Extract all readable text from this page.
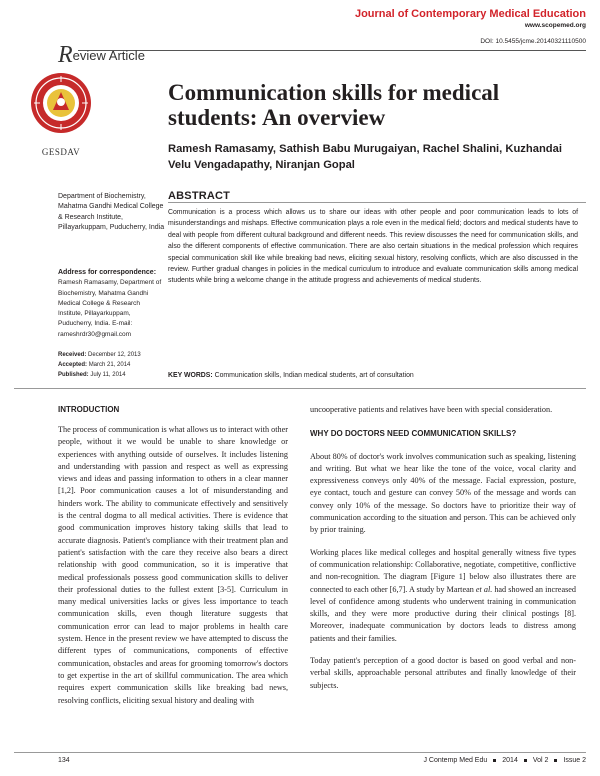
Journal of Contemporary Medical Education
www.scopemed.org
DOI: 10.5455/jcme.20140321110500
Review Article
GESDAV
Communication skills for medical students: An overview
Ramesh Ramasamy, Sathish Babu Murugaiyan, Rachel Shalini, Kuzhandai Velu Vengadapathy, Niranjan Gopal
Department of Biochemistry, Mahatma Gandhi Medical College & Research Institute, Pillayarkuppam, Puducherry, India
Address for correspondence:
Ramesh Ramasamy, Department of Biochemistry, Mahatma Gandhi Medical College & Research Institute, Pillayarkuppam, Puducherry, India. E-mail: rameshrdr30@gmail.com
Received: December 12, 2013
Accepted: March 21, 2014
Published: July 11, 2014
ABSTRACT
Communication is a process which allows us to share our ideas with other people and poor communication leads to lots of misunderstandings and mishaps. Effective communication plays a role even in the medical field; doctors and medical students have to deal with people from different cultural background and different needs. This review discusses the need for communication skills, and also the different components of effective communication. There are also certain situations in the medical profession which requires special communication skill like while breaking bad news, eliciting sexual history, resolving conflicts, which are also discussed in the review. Further gradual changes in policies in the medical curriculum to introduce and evaluate communication skills among medical students while bring a welcome change in the attitude progress and achievements of medical students.
KEY WORDS: Communication skills, Indian medical students, art of consultation
INTRODUCTION
The process of communication is what allows us to interact with other people, without it we would be unable to share knowledge or experiences with anything outside of ourselves. It includes listening and understanding with passion and respect as well as expressing views and ideas and passing information to others in a clear manner [1,2]. Poor communication causes a lot of misunderstanding and hinders work. The ability to communicate effectively and sensitively is the central dogma to all medical activities. There is evidence that good communication improves history taking skills that lead to accurate diagnosis. Patient's compliance with their treatment plan and patient's satisfaction with the care they receive also bears a direct relationship with good communication, so it is imperative that medical professionals possess good communication skills to deliver their professional duties to the fullest extent [3-5]. Curriculum in many medical universities lacks or gives less importance to teach communication skills, even though literature suggests that communication error can lead to major problems in health care system. Hence in the present review we have attempted to discuss the different types of communications, components of effective communication, obstacles and areas for grooming tomorrow's doctors to get expertise in the art of skillful communication. The area which requires expert communication skills like breaking bad news, resolving conflicts, eliciting sexual history and dealing with
uncooperative patients and relatives have been with special consideration.
WHY DO DOCTORS NEED COMMUNICATION SKILLS?
About 80% of doctor's work involves communication such as speaking, listening and writing. But what we hear like the tone of the voice, vocal clarity and expressiveness conveys only 40% of the message. Facial expression, posture, eye contact, touch and gesture can convey 50% of the message and words can convey only 10% of the message. So doctors have to prioritize their way of communication according to the situation and person. This can be achieved only by prior training.
Working places like medical colleges and hospital generally witness five types of communication relationship: Collaborative, negotiate, competitive, conflictive and non-recognition. The diagram [Figure 1] below also illustrates there are connected to each other [6,7]. A study by Martean et al. had showed an increased level of confidence among students who underwent training in communication skills, and they were more productive during their clinical postings [8]. Moreover, inadequate communication by doctors leads to distress among patients and their families.
Today patient's perception of a good doctor is based on good verbal and non-verbal skills, approachable personal attributes and finally knowledge of their subjects.
134	J Contemp Med Edu 2014 Vol 2 Issue 2
